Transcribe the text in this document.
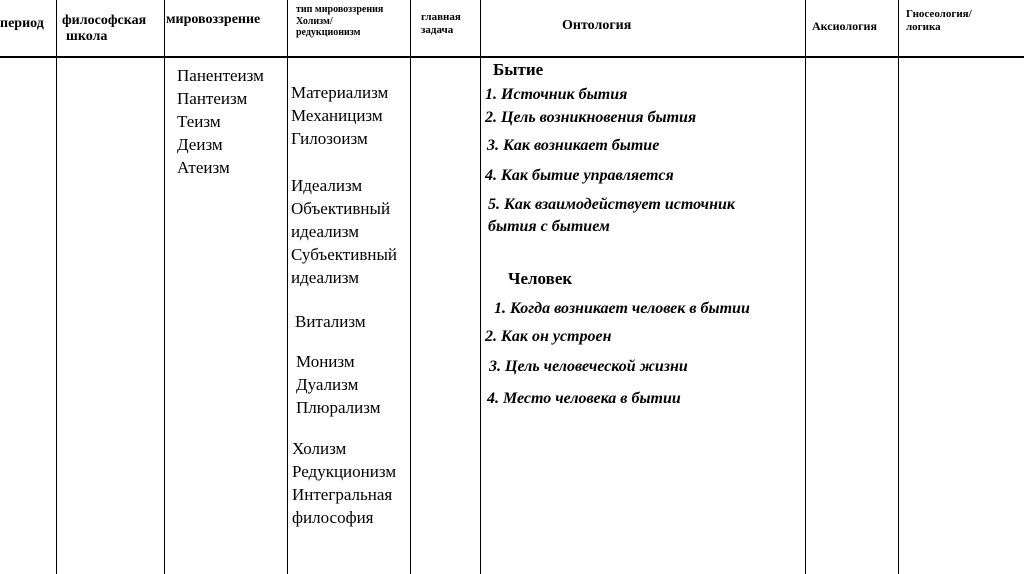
период философская
школа
мировоззрение
тип мировоззрения
Холизм/
редукционизм
главная
задача	Онтология	Аксиология
Гносеология/
логика
Панентеизм
Пантеизм
Теизм
Деизм
Атеизм
Материализм
Механицизм
Гилозоизм
Идеализм
Объективный
идеализм
Субъективный
идеализм
Витализм
Монизм
Дуализм
Плюрализм
Холизм
Редукционизм
Интегральная
философия
Бытие
1. Источник бытия
2. Цель возникновения бытия
3. Как возникает бытие
4. Как бытие управляется
5. Как взаимодействует источник
бытия с бытием
Человек
1. Когда возникает человек в бытии
2. Как он устроен
3. Цель человеческой жизни
4. Место человека в бытии
